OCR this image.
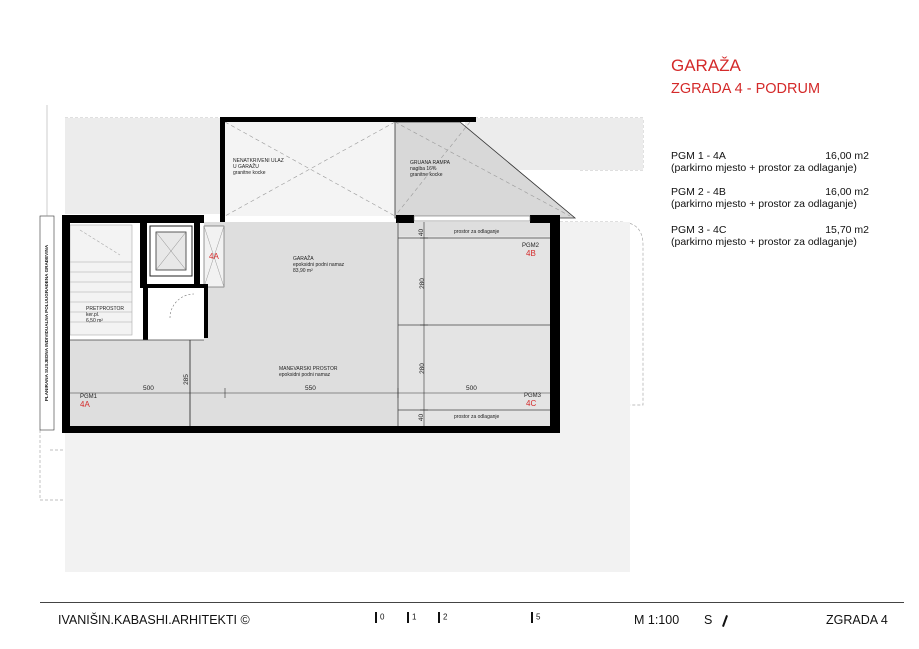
PLANIRANA SUSJEDNA INDIVIDUALNA POLUUGRAĐENA GRAĐEVINA
NENATKRIVENI ULAZ
U GARAŽU
granitne kocke
GRUANA RAMPA
nagiba 16%
granitne kocke
GARAŽA
epoksidni podni namaz
83,90 m²
MANEVARSKI PROSTOR
epoksidni podni namaz
PRETPROSTOR
ker.pl.
6,50 m²
prostor za odlaganje
prostor za odlaganje
PGM1
4A
PGM2
4B
PGM3
4C
4A
500	550	500
285
40
280
280
40
GARAŽA
ZGRADA 4 - PODRUM
PGM 1 - 4A	16,00 m2
(parkirno mjesto + prostor za odlaganje)
PGM 2 - 4B	16,00 m2
(parkirno mjesto + prostor za odlaganje)
PGM 3 - 4C	15,70 m2
(parkirno mjesto + prostor za odlaganje)
IVANIŠIN.KABASHI.ARHITEKTI ©	0	1	2	5	M 1:100 S	ZGRADA 4
